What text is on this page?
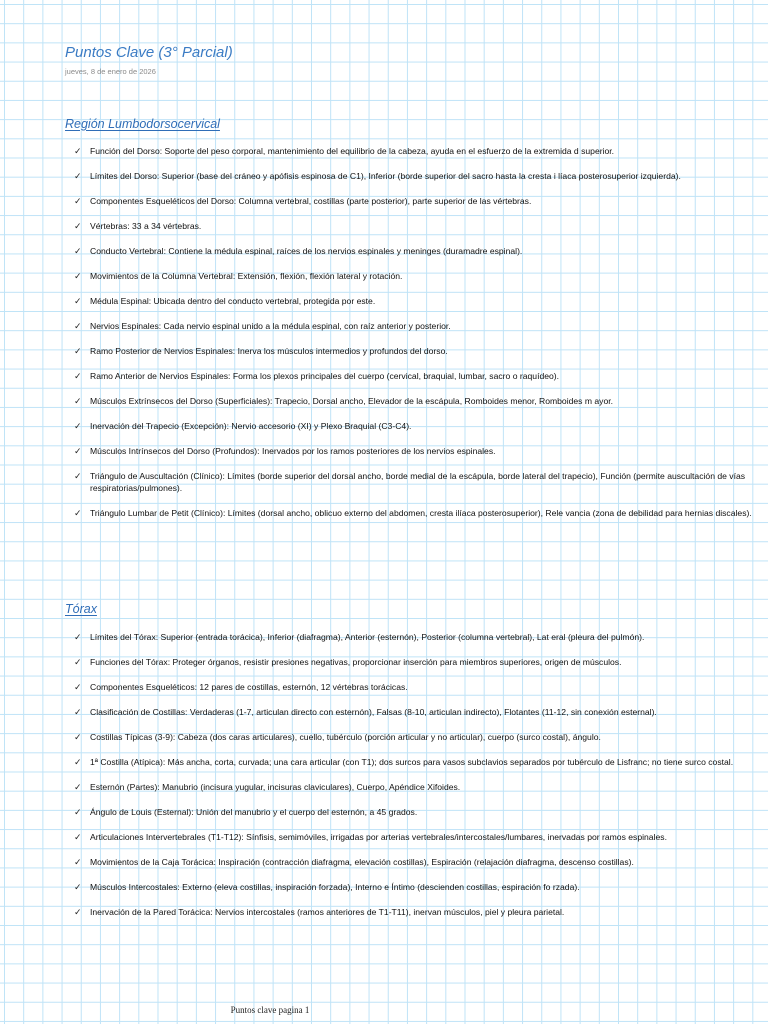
Puntos Clave (3° Parcial)
jueves, 8 de enero de 2026
Región Lumbodorsocervical
✓ Función del Dorso: Soporte del peso corporal, mantenimiento del equilibrio de la cabeza, ayuda en el esfuerzo de la extremida d superior.
✓ Límites del Dorso: Superior (base del cráneo y apófisis espinosa de C1), Inferior (borde superior del sacro hasta la cresta i líaca posterosuperior izquierda).
✓ Componentes Esqueléticos del Dorso: Columna vertebral, costillas (parte posterior), parte superior de las vértebras.
✓ Vértebras: 33 a 34 vértebras.
✓ Conducto Vertebral: Contiene la médula espinal, raíces de los nervios espinales y meninges (duramadre espinal).
✓ Movimientos de la Columna Vertebral: Extensión, flexión, flexión lateral y rotación.
✓ Médula Espinal: Ubicada dentro del conducto vertebral, protegida por este.
✓ Nervios Espinales: Cada nervio espinal unido a la médula espinal, con raíz anterior y posterior.
✓ Ramo Posterior de Nervios Espinales: Inerva los músculos intermedios y profundos del dorso.
✓ Ramo Anterior de Nervios Espinales: Forma los plexos principales del cuerpo (cervical, braquial, lumbar, sacro o raquídeo).
✓ Músculos Extrínsecos del Dorso (Superficiales): Trapecio, Dorsal ancho, Elevador de la escápula, Romboides menor, Romboides m ayor.
✓ Inervación del Trapecio (Excepción): Nervio accesorio (XI) y Plexo Braquial (C3-C4).
✓ Músculos Intrínsecos del Dorso (Profundos): Inervados por los ramos posteriores de los nervios espinales.
✓ Triángulo de Auscultación (Clínico): Límites (borde superior del dorsal ancho, borde medial de la escápula, borde lateral del trapecio), Función (permite auscultación de vías respiratorias/pulmones).
✓ Triángulo Lumbar de Petit (Clínico): Límites (dorsal ancho, oblicuo externo del abdomen, cresta ilíaca posterosuperior), Rele vancia (zona de debilidad para hernias discales).
Tórax
✓ Límites del Tórax: Superior (entrada torácica), Inferior (diafragma), Anterior (esternón), Posterior (columna vertebral), Lat eral (pleura del pulmón).
✓ Funciones del Tórax: Proteger órganos, resistir presiones negativas, proporcionar inserción para miembros superiores, origen de músculos.
✓ Componentes Esqueléticos: 12 pares de costillas, esternón, 12 vértebras torácicas.
✓ Clasificación de Costillas: Verdaderas (1-7, articulan directo con esternón), Falsas (8-10, articulan indirecto), Flotantes (11-12, sin conexión esternal).
✓ Costillas Típicas (3-9): Cabeza (dos caras articulares), cuello, tubérculo (porción articular y no articular), cuerpo (surco costal), ángulo.
✓ 1ª Costilla (Atípica): Más ancha, corta, curvada; una cara articular (con T1); dos surcos para vasos subclavios separados por tubérculo de Lisfranc; no tiene surco costal.
✓ Esternón (Partes): Manubrio (incisura yugular, incisuras claviculares), Cuerpo, Apéndice Xifoides.
✓ Ángulo de Louis (Esternal): Unión del manubrio y el cuerpo del esternón, a 45 grados.
✓ Articulaciones Intervertebrales (T1-T12): Sínfisis, semimóviles, irrigadas por arterias vertebrales/intercostales/lumbares, inervadas por ramos espinales.
✓ Movimientos de la Caja Torácica: Inspiración (contracción diafragma, elevación costillas), Espiración (relajación diafragma, descenso costillas).
✓ Músculos Intercostales: Externo (eleva costillas, inspiración forzada), Interno e Íntimo (descienden costillas, espiración fo rzada).
✓ Inervación de la Pared Torácica: Nervios intercostales (ramos anteriores de T1-T11), inervan músculos, piel y pleura parietal.
Puntos clave pagina 1
